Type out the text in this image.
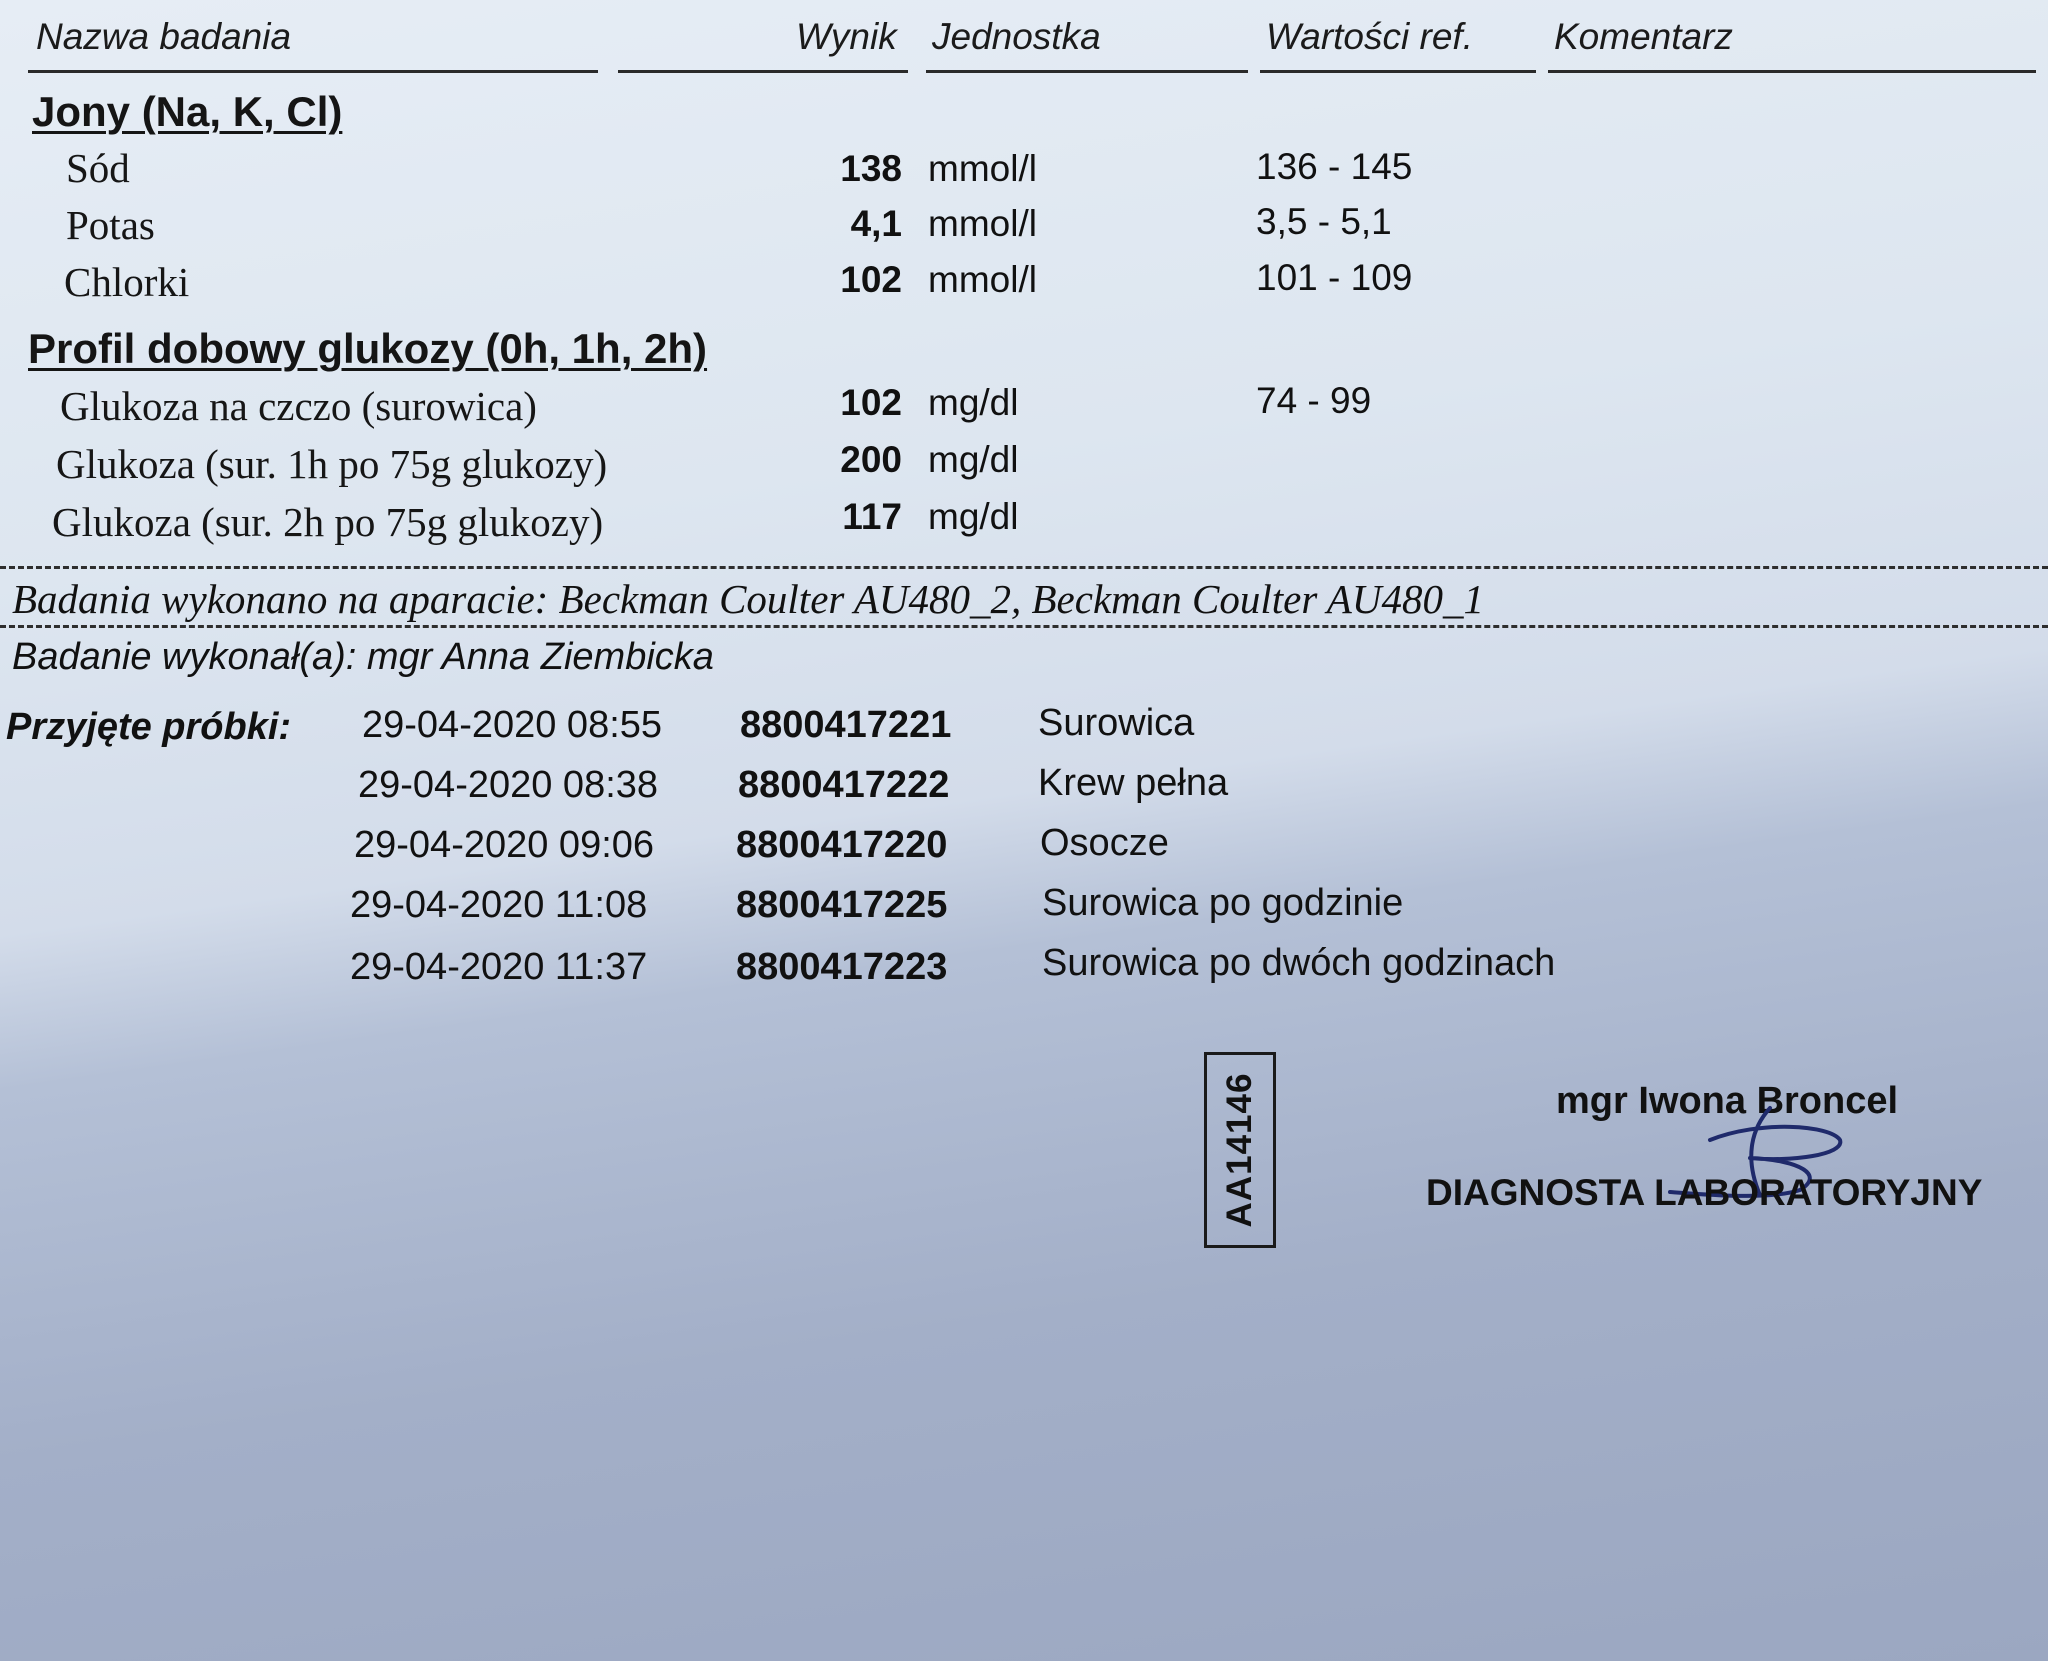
Nazwa badania	Wynik Jednostka	Wartości ref. Komentarz
Jony (Na, K, Cl)
Sód	138 mmol/l	136 - 145
Potas	4,1 mmol/l	3,5 - 5,1
Chlorki	102 mmol/l	101 - 109
Profil dobowy glukozy (0h, 1h, 2h)
Glukoza na czczo (surowica)	102 mg/dl	74 - 99
Glukoza (sur. 1h po 75g glukozy)	200 mg/dl
Glukoza (sur. 2h po 75g glukozy)	117 mg/dl
Badania wykonano na aparacie: Beckman Coulter AU480_2, Beckman Coulter AU480_1
Badanie wykonał(a): mgr Anna Ziembicka
Przyjęte próbki: 29-04-2020 08:55 8800417221 Surowica
29-04-2020 08:38 8800417222 Krew pełna
29-04-2020 09:06 8800417220 Osocze
29-04-2020 11:08 8800417225 Surowica po godzinie
29-04-2020 11:37 8800417223 Surowica po dwóch godzinach
AA14146	mgr Iwona Broncel
DIAGNOSTA LABORATORYJNY
